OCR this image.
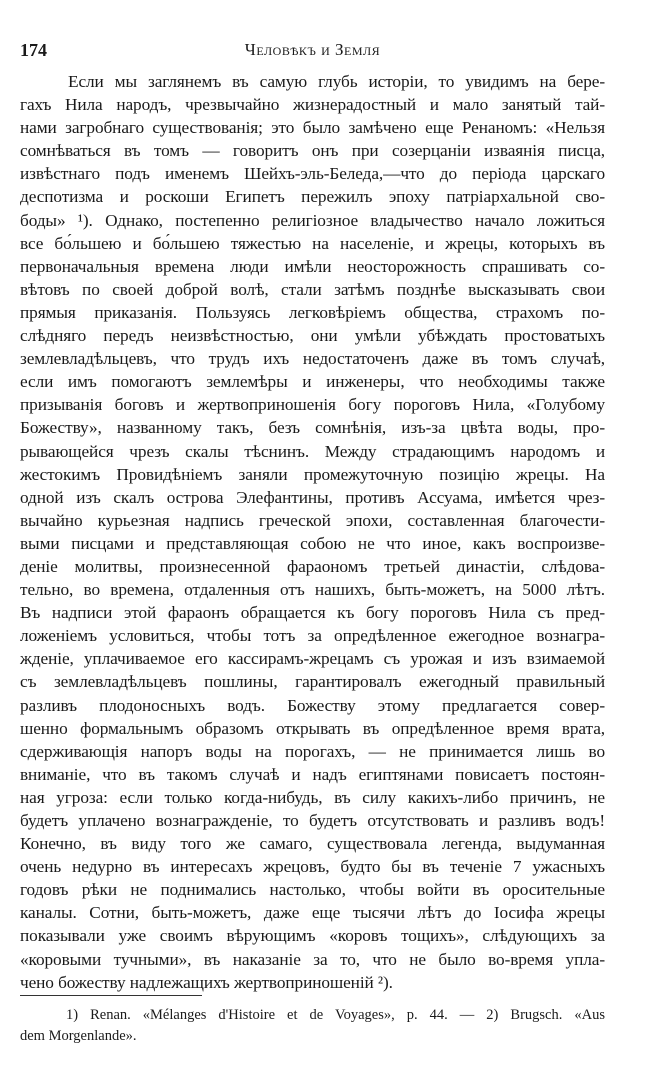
174	Человѣкъ и Земля
Если мы заглянемъ въ самую глубь исторіи, то увидимъ на бере-
гахъ Нила народъ, чрезвычайно жизнерадостный и мало занятый тай-
нами загробнаго существованія; это было замѣчено еще Ренаномъ: «Нельзя
сомнѣваться въ томъ — говоритъ онъ при созерцаніи изваянія писца,
извѣстнаго подъ именемъ Шейхъ-эль-Беледа,—что до періода царскаго
деспотизма и роскоши Египетъ пережилъ эпоху патріархальной сво-
боды» ¹). Однако, постепенно религіозное владычество начало ложиться
все бо́льшею и бо́льшею тяжестью на населеніе, и жрецы, которыхъ въ
первоначальныя времена люди имѣли неосторожность спрашивать со-
вѣтовъ по своей доброй волѣ, стали затѣмъ позднѣе высказывать свои
прямыя приказанія. Пользуясь легковѣріемъ общества, страхомъ по-
слѣдняго передъ неизвѣстностью, они умѣли убѣждать простоватыхъ
землевладѣльцевъ, что трудъ ихъ недостаточенъ даже въ томъ случаѣ,
если имъ помогаютъ землемѣры и инженеры, что необходимы также
призыванія боговъ и жертвоприношенія богу пороговъ Нила, «Голубому
Божеству», названному такъ, безъ сомнѣнія, изъ-за цвѣта воды, про-
рывающейся чрезъ скалы тѣснинъ. Между страдающимъ народомъ и
жестокимъ Провидѣніемъ заняли промежуточную позицію жрецы. На
одной изъ скалъ острова Элефантины, противъ Ассуама, имѣется чрез-
вычайно курьезная надпись греческой эпохи, составленная благочести-
выми писцами и представляющая собою не что иное, какъ воспроизве-
деніе молитвы, произнесенной фараономъ третьей династіи, слѣдова-
тельно, во времена, отдаленныя отъ нашихъ, быть-можетъ, на 5000 лѣтъ.
Въ надписи этой фараонъ обращается къ богу пороговъ Нила съ пред-
ложеніемъ условиться, чтобы тотъ за опредѣленное ежегодное вознагра-
жденіе, уплачиваемое его кассирамъ-жрецамъ съ урожая и изъ взимаемой
съ землевладѣльцевъ пошлины, гарантировалъ ежегодный правильный
разливъ плодоносныхъ водъ. Божеству этому предлагается совер-
шенно формальнымъ образомъ открывать въ опредѣленное время врата,
сдерживающія напоръ воды на порогахъ, — не принимается лишь во
вниманіе, что въ такомъ случаѣ и надъ египтянами повисаетъ постоян-
ная угроза: если только когда-нибудь, въ силу какихъ-либо причинъ, не
будетъ уплачено вознагражденіе, то будетъ отсутствовать и разливъ водъ!
Конечно, въ виду того же самаго, существовала легенда, выдуманная
очень недурно въ интересахъ жрецовъ, будто бы въ теченіе 7 ужасныхъ
годовъ рѣки не поднимались настолько, чтобы войти въ оросительные
каналы. Сотни, быть-можетъ, даже еще тысячи лѣтъ до Іосифа жрецы
показывали уже своимъ вѣрующимъ «коровъ тощихъ», слѣдующихъ за
«коровыми тучными», въ наказаніе за то, что не было во-время упла-
чено божеству надлежащихъ жертвоприношеній ²).
1) Renan. «Mélanges d'Histoire et de Voyages», p. 44. — 2) Brugsch. «Aus
dem Morgenlande».
